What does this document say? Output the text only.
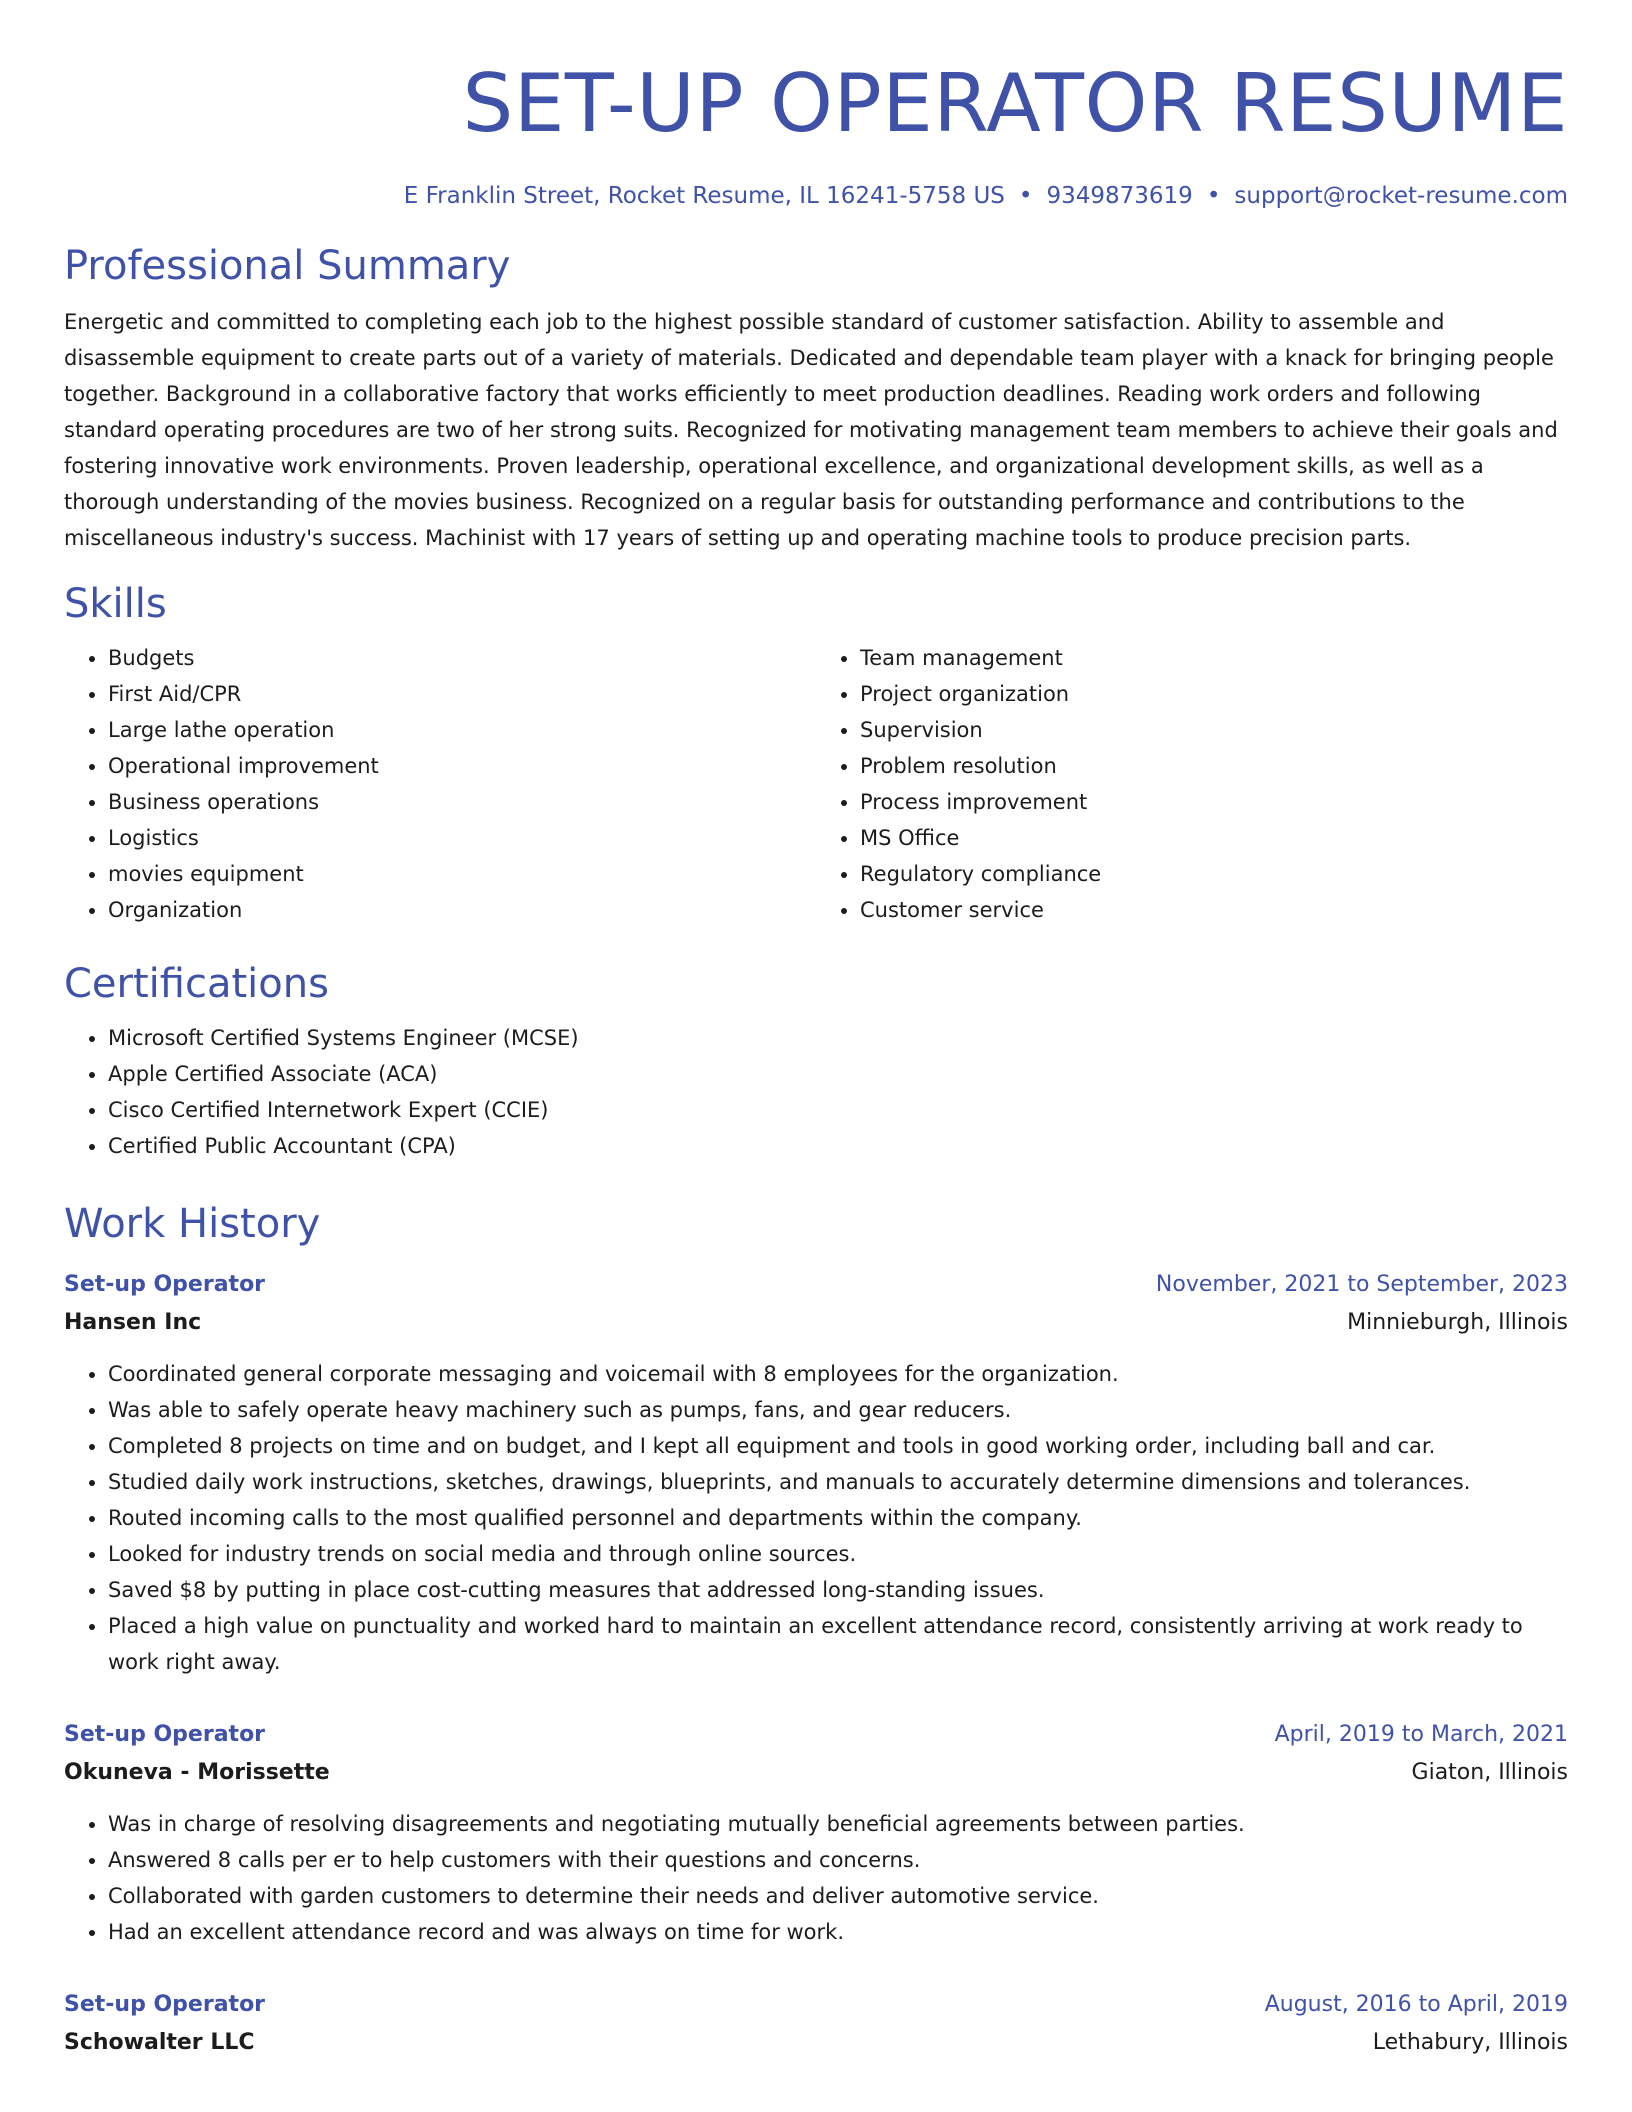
SET-UP OPERATOR RESUME
E Franklin Street, Rocket Resume, IL 16241-5758 US • 9349873619 • support@rocket-resume.com
Professional Summary

Energetic and committed to completing each job to the highest possible standard of customer satisfaction. Ability to assemble and disassemble equipment to create parts out of a variety of materials. Dedicated and dependable team player with a knack for bringing people together. Background in a collaborative factory that works efficiently to meet production deadlines. Reading work orders and following standard operating procedures are two of her strong suits. Recognized for motivating management team members to achieve their goals and fostering innovative work environments. Proven leadership, operational excellence, and organizational development skills, as well as a thorough understanding of the movies business. Recognized on a regular basis for outstanding performance and contributions to the miscellaneous industry's success. Machinist with 17 years of setting up and operating machine tools to produce precision parts.

Skills
• Budgets
• First Aid/CPR
• Large lathe operation
• Operational improvement
• Business operations
• Logistics
• movies equipment
• Organization
• Team management
• Project organization
• Supervision
• Problem resolution
• Process improvement
• MS Office
• Regulatory compliance
• Customer service
Certifications
• Microsoft Certified Systems Engineer (MCSE)
• Apple Certified Associate (ACA)
• Cisco Certified Internetwork Expert (CCIE)
• Certified Public Accountant (CPA)
Work History
Set-up Operator	November, 2021 to September, 2023
Hansen Inc	Minnieburgh, Illinois
• Coordinated general corporate messaging and voicemail with 8 employees for the organization.
• Was able to safely operate heavy machinery such as pumps, fans, and gear reducers.
• Completed 8 projects on time and on budget, and I kept all equipment and tools in good working order, including ball and car.
• Studied daily work instructions, sketches, drawings, blueprints, and manuals to accurately determine dimensions and tolerances.
• Routed incoming calls to the most qualified personnel and departments within the company.
• Looked for industry trends on social media and through online sources.
• Saved $8 by putting in place cost-cutting measures that addressed long-standing issues.
• Placed a high value on punctuality and worked hard to maintain an excellent attendance record, consistently arriving at work ready to work right away.
Set-up Operator	April, 2019 to March, 2021
Okuneva - Morissette	Giaton, Illinois
• Was in charge of resolving disagreements and negotiating mutually beneficial agreements between parties.
• Answered 8 calls per er to help customers with their questions and concerns.
• Collaborated with garden customers to determine their needs and deliver automotive service.
• Had an excellent attendance record and was always on time for work.
Set-up Operator	August, 2016 to April, 2019
Schowalter LLC	Lethabury, Illinois
